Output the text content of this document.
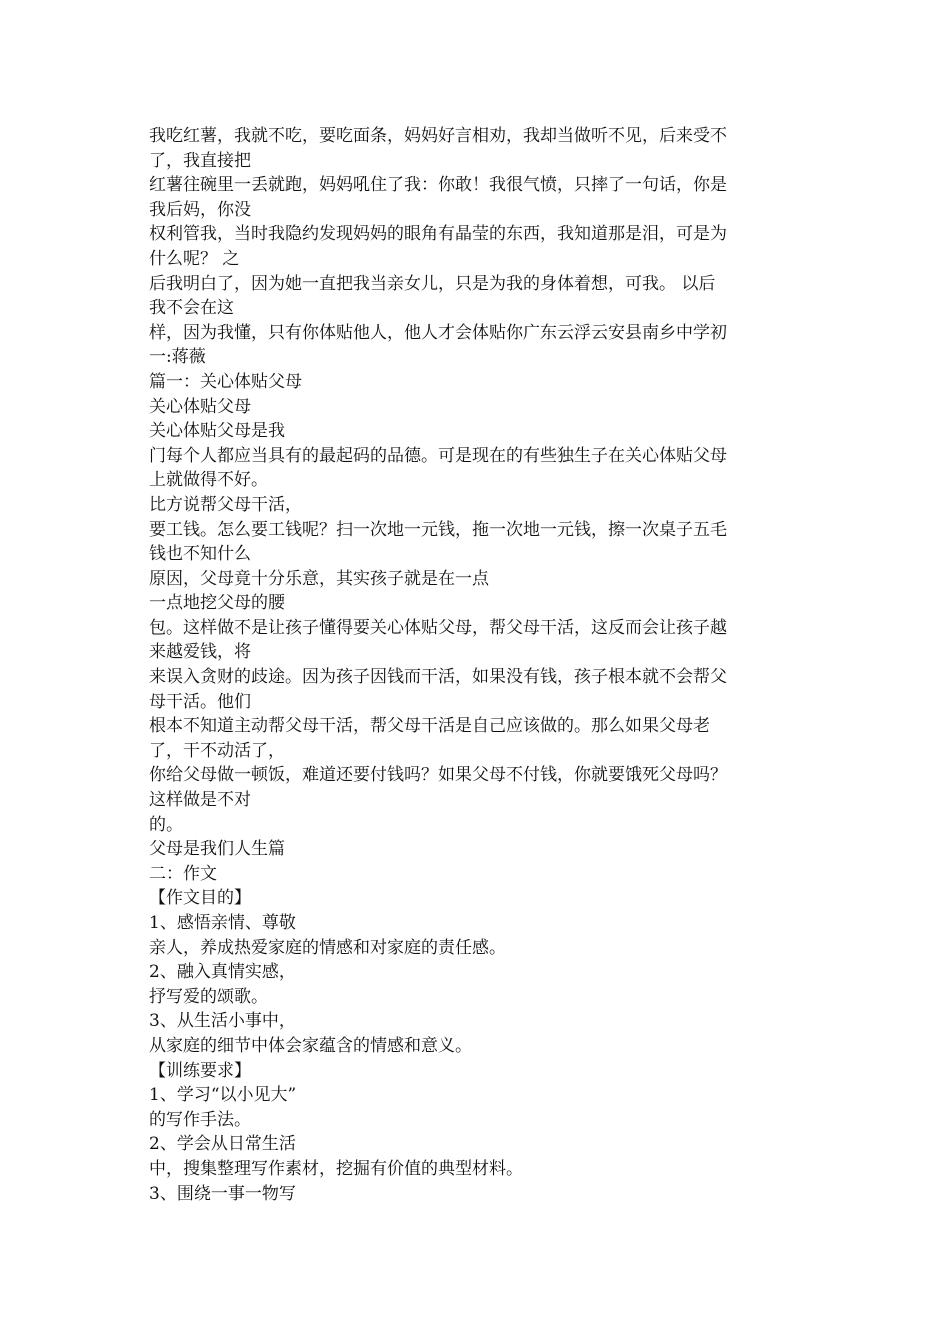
我吃红薯，我就不吃，要吃面条，妈妈好言相劝，我却当做听不见，后来受不
了，我直接把
红薯往碗里一丢就跑，妈妈吼住了我：你敢！我很气愤，只摔了一句话，你是
我后妈，你没
权利管我，当时我隐约发现妈妈的眼角有晶莹的东西，我知道那是泪，可是为
什么呢？ 之
后我明白了，因为她一直把我当亲女儿，只是为我的身体着想，可我。 以后
我不会在这
样，因为我懂，只有你体贴他人，他人才会体贴你广东云浮云安县南乡中学初
一:蒋薇
篇一：关心体贴父母
关心体贴父母
关心体贴父母是我
门每个人都应当具有的最起码的品德。可是现在的有些独生子在关心体贴父母
上就做得不好。
比方说帮父母干活，
要工钱。怎么要工钱呢？扫一次地一元钱，拖一次地一元钱，擦一次桌子五毛
钱也不知什么
原因，父母竟十分乐意，其实孩子就是在一点
一点地挖父母的腰
包。这样做不是让孩子懂得要关心体贴父母，帮父母干活，这反而会让孩子越
来越爱钱，将
来误入贪财的歧途。因为孩子因钱而干活，如果没有钱，孩子根本就不会帮父
母干活。他们
根本不知道主动帮父母干活，帮父母干活是自己应该做的。那么如果父母老
了，干不动活了，
你给父母做一顿饭，难道还要付钱吗？如果父母不付钱，你就要饿死父母吗？
这样做是不对
的。
父母是我们人生篇
二：作文
【作文目的】
1、感悟亲情、尊敬
亲人，养成热爱家庭的情感和对家庭的责任感。
2、融入真情实感，
抒写爱的颂歌。
3、从生活小事中，
从家庭的细节中体会家蕴含的情感和意义。
【训练要求】
1、学习“以小见大”
的写作手法。
2、学会从日常生活
中，搜集整理写作素材，挖掘有价值的典型材料。
3、围绕一事一物写
